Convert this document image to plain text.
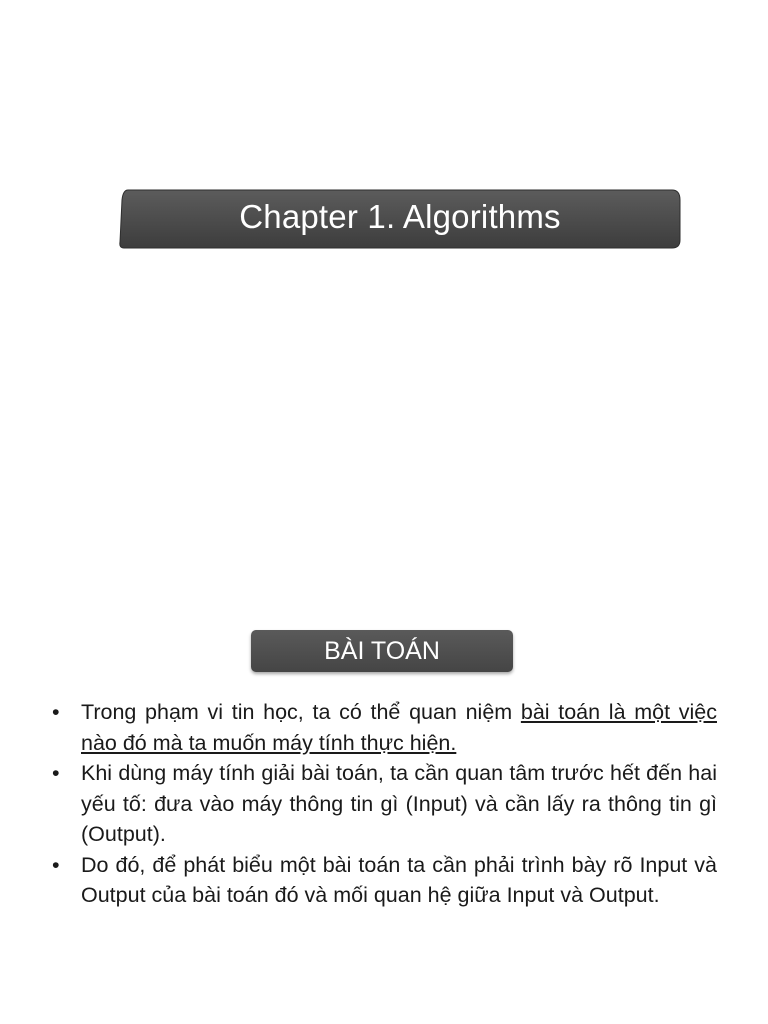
Chapter 1. Algorithms
BÀI TOÁN
• Trong phạm vi tin học, ta có thể quan niệm bài toán là một việc nào đó mà ta muốn máy tính thực hiện.
• Khi dùng máy tính giải bài toán, ta cần quan tâm trước hết đến hai yếu tố: đưa vào máy thông tin gì (Input) và cần lấy ra thông tin gì (Output).
• Do đó, để phát biểu một bài toán ta cần phải trình bày rõ Input và Output của bài toán đó và mối quan hệ giữa Input và Output.
